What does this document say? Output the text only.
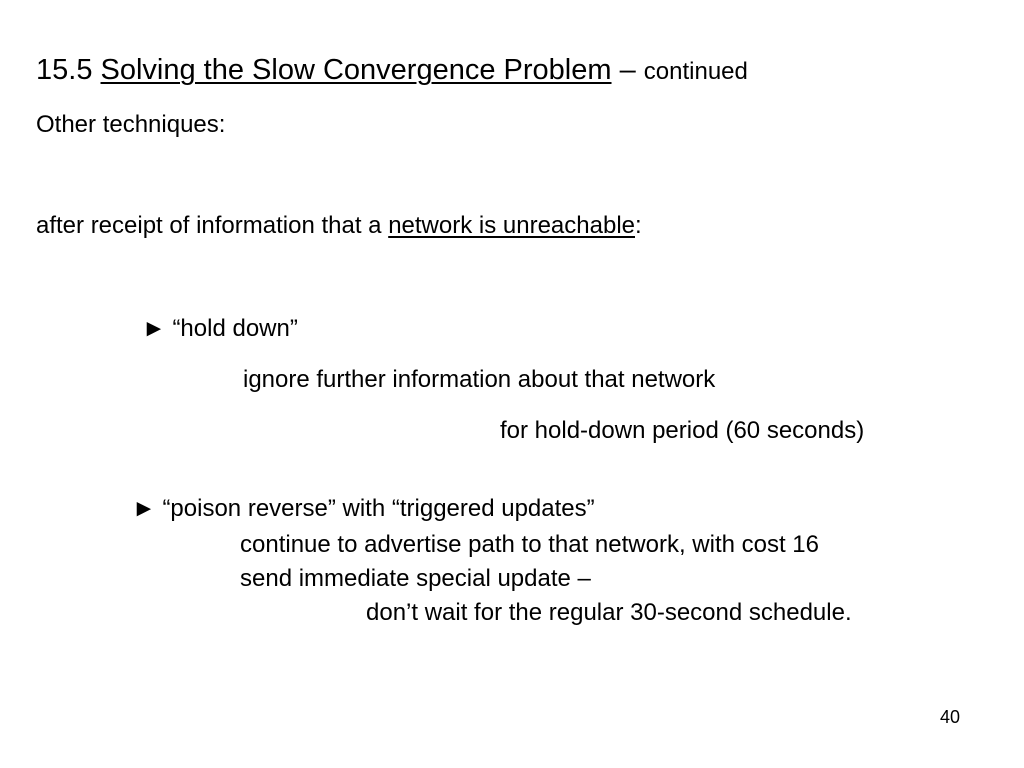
15.5 Solving the Slow Convergence Problem – continued
Other techniques:
after receipt of information that a network is unreachable:
► “hold down”
ignore further information about that network
for hold-down period (60 seconds)
► “poison reverse” with “triggered updates”
continue to advertise path to that network, with cost 16
send immediate special update –
don’t wait for the regular 30-second schedule.
40
